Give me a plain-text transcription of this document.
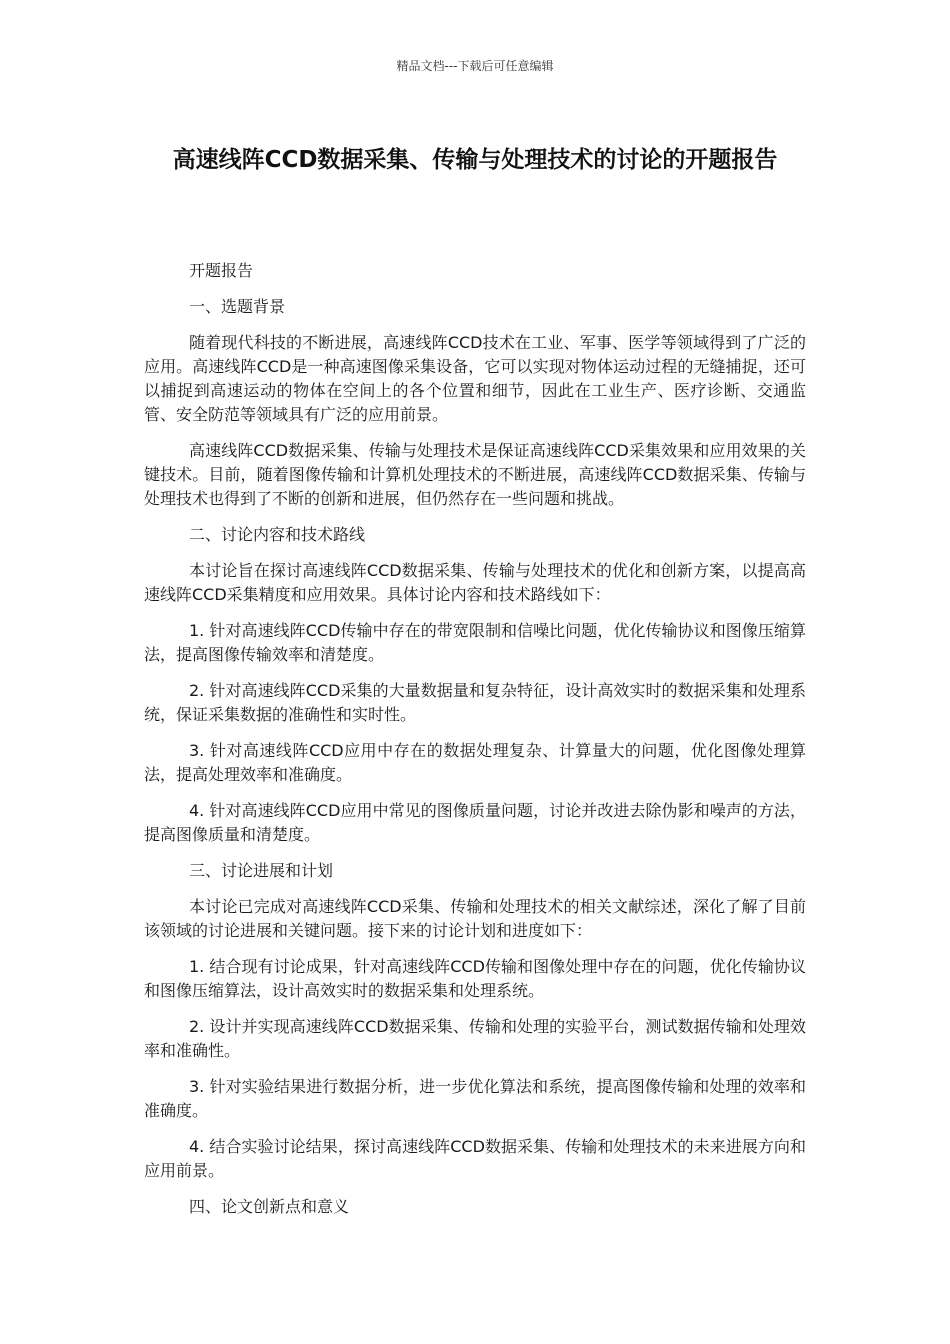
精品文档---下载后可任意编辑
高速线阵CCD数据采集、传输与处理技术的讨论的开题报告

开题报告

一、选题背景

随着现代科技的不断进展，高速线阵CCD技术在工业、军事、医学等领域得到了广泛的应用。高速线阵CCD是一种高速图像采集设备，它可以实现对物体运动过程的无缝捕捉，还可以捕捉到高速运动的物体在空间上的各个位置和细节，因此在工业生产、医疗诊断、交通监管、安全防范等领域具有广泛的应用前景。

高速线阵CCD数据采集、传输与处理技术是保证高速线阵CCD采集效果和应用效果的关键技术。目前，随着图像传输和计算机处理技术的不断进展，高速线阵CCD数据采集、传输与处理技术也得到了不断的创新和进展，但仍然存在一些问题和挑战。

二、讨论内容和技术路线

本讨论旨在探讨高速线阵CCD数据采集、传输与处理技术的优化和创新方案，以提高高速线阵CCD采集精度和应用效果。具体讨论内容和技术路线如下：

1. 针对高速线阵CCD传输中存在的带宽限制和信噪比问题，优化传输协议和图像压缩算法，提高图像传输效率和清楚度。

2. 针对高速线阵CCD采集的大量数据量和复杂特征，设计高效实时的数据采集和处理系统，保证采集数据的准确性和实时性。

3. 针对高速线阵CCD应用中存在的数据处理复杂、计算量大的问题，优化图像处理算法，提高处理效率和准确度。

4. 针对高速线阵CCD应用中常见的图像质量问题，讨论并改进去除伪影和噪声的方法，提高图像质量和清楚度。

三、讨论进展和计划

本讨论已完成对高速线阵CCD采集、传输和处理技术的相关文献综述，深化了解了目前该领域的讨论进展和关键问题。接下来的讨论计划和进度如下：

1. 结合现有讨论成果，针对高速线阵CCD传输和图像处理中存在的问题，优化传输协议和图像压缩算法，设计高效实时的数据采集和处理系统。

2. 设计并实现高速线阵CCD数据采集、传输和处理的实验平台，测试数据传输和处理效率和准确性。

3. 针对实验结果进行数据分析，进一步优化算法和系统，提高图像传输和处理的效率和准确度。

4. 结合实验讨论结果，探讨高速线阵CCD数据采集、传输和处理技术的未来进展方向和应用前景。

四、论文创新点和意义
